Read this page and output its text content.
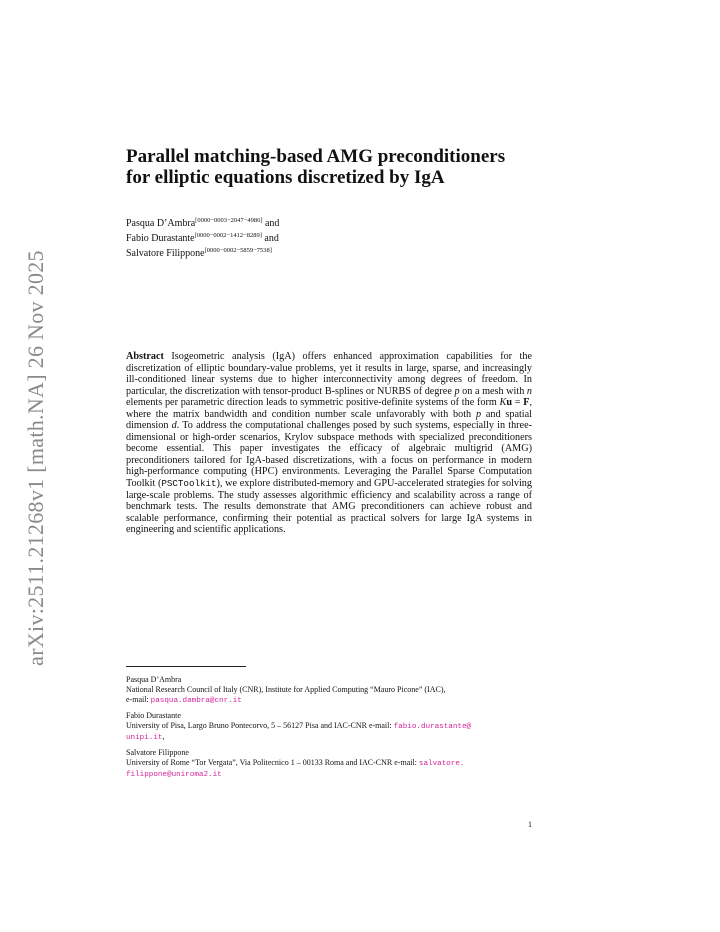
arXiv:2511.21268v1 [math.NA] 26 Nov 2025
Parallel matching-based AMG preconditioners for elliptic equations discretized by IgA
Pasqua D’Ambra[0000−0003−2047−4986] and
Fabio Durastante[0000−0002−1412−8289] and
Salvatore Filippone[0000−0002−5859−7538]

Abstract Isogeometric analysis (IgA) offers enhanced approximation capabilities for the discretization of elliptic boundary-value problems, yet it results in large, sparse, and increasingly ill-conditioned linear systems due to higher interconnectivity among degrees of freedom. In particular, the discretization with tensor-product B-splines or NURBS of degree p on a mesh with n elements per parametric direction leads to symmetric positive-definite systems of the form Ku = F, where the matrix bandwidth and condition number scale unfavorably with both p and spatial dimension d. To address the computational challenges posed by such systems, especially in three-dimensional or high-order scenarios, Krylov subspace methods with specialized preconditioners become essential. This paper investigates the efficacy of algebraic multigrid (AMG) preconditioners tailored for IgA-based discretizations, with a focus on performance in modern high-performance computing (HPC) environments. Leveraging the Parallel Sparse Computation Toolkit (PSCToolkit), we explore distributed-memory and GPU-accelerated strategies for solving large-scale problems. The study assesses algorithmic efficiency and scalability across a range of benchmark tests. The results demonstrate that AMG preconditioners can achieve robust and scalable performance, confirming their potential as practical solvers for large IgA systems in engineering and scientific applications.

Pasqua D’Ambra
National Research Council of Italy (CNR), Institute for Applied Computing “Mauro Picone” (IAC),
e-mail: pasqua.dambra@cnr.it
Fabio Durastante
University of Pisa, Largo Bruno Pontecorvo, 5 – 56127 Pisa and IAC-CNR e-mail: fabio.durastante@
unipi.it,
Salvatore Filippone
University of Rome “Tor Vergata”, Via Politecnico 1 – 00133 Roma and IAC-CNR e-mail: salvatore.
filippone@uniroma2.it
1
